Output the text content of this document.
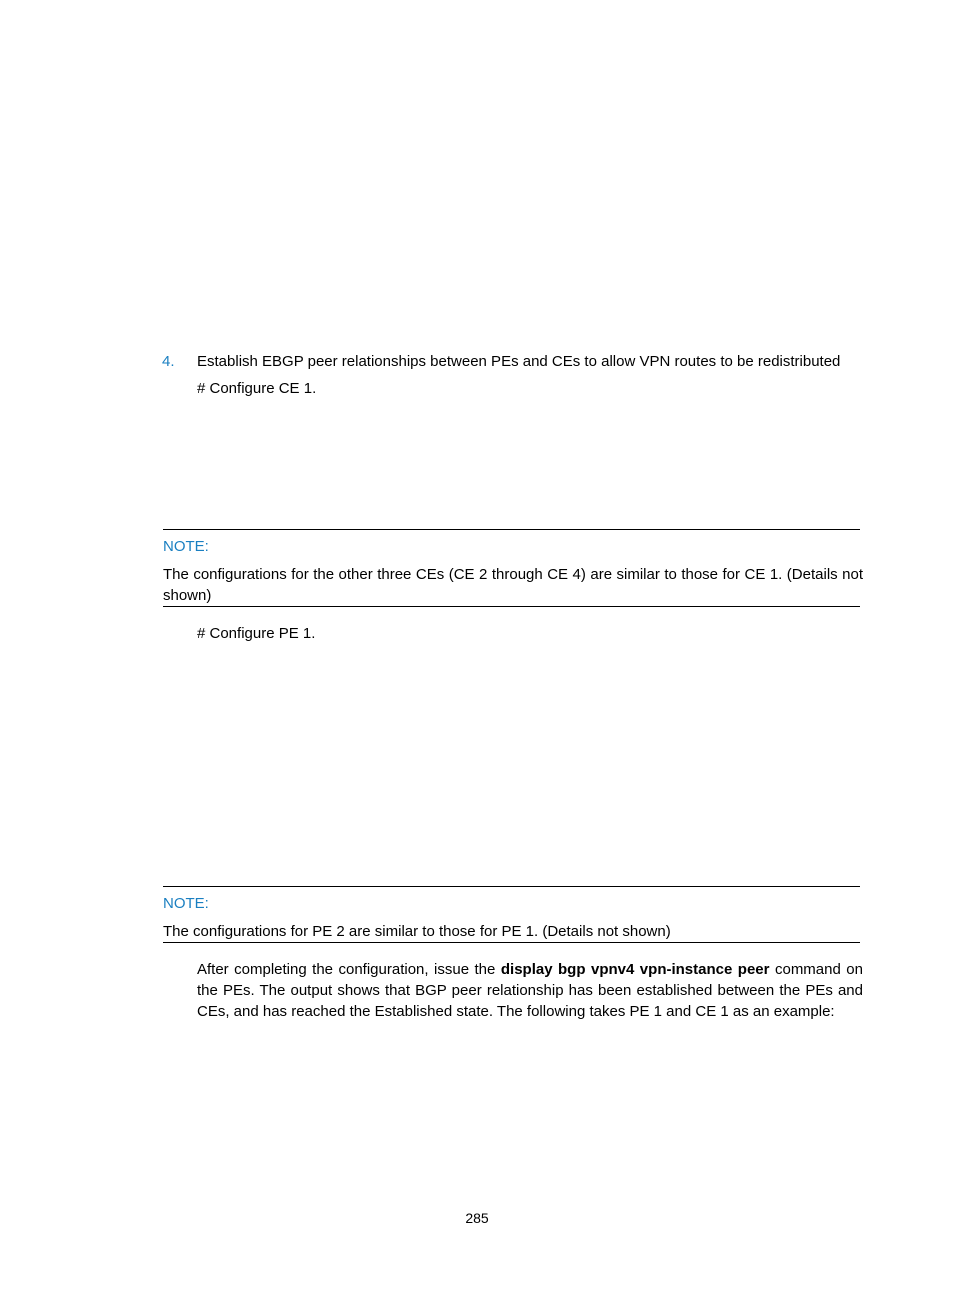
4. Establish EBGP peer relationships between PEs and CEs to allow VPN routes to be redistributed
# Configure CE 1.
NOTE:
The configurations for the other three CEs (CE 2 through CE 4) are similar to those for CE 1. (Details not shown)
# Configure PE 1.
NOTE:
The configurations for PE 2 are similar to those for PE 1. (Details not shown)
After completing the configuration, issue the display bgp vpnv4 vpn-instance peer command on the PEs. The output shows that BGP peer relationship has been established between the PEs and CEs, and has reached the Established state. The following takes PE 1 and CE 1 as an example:
285
